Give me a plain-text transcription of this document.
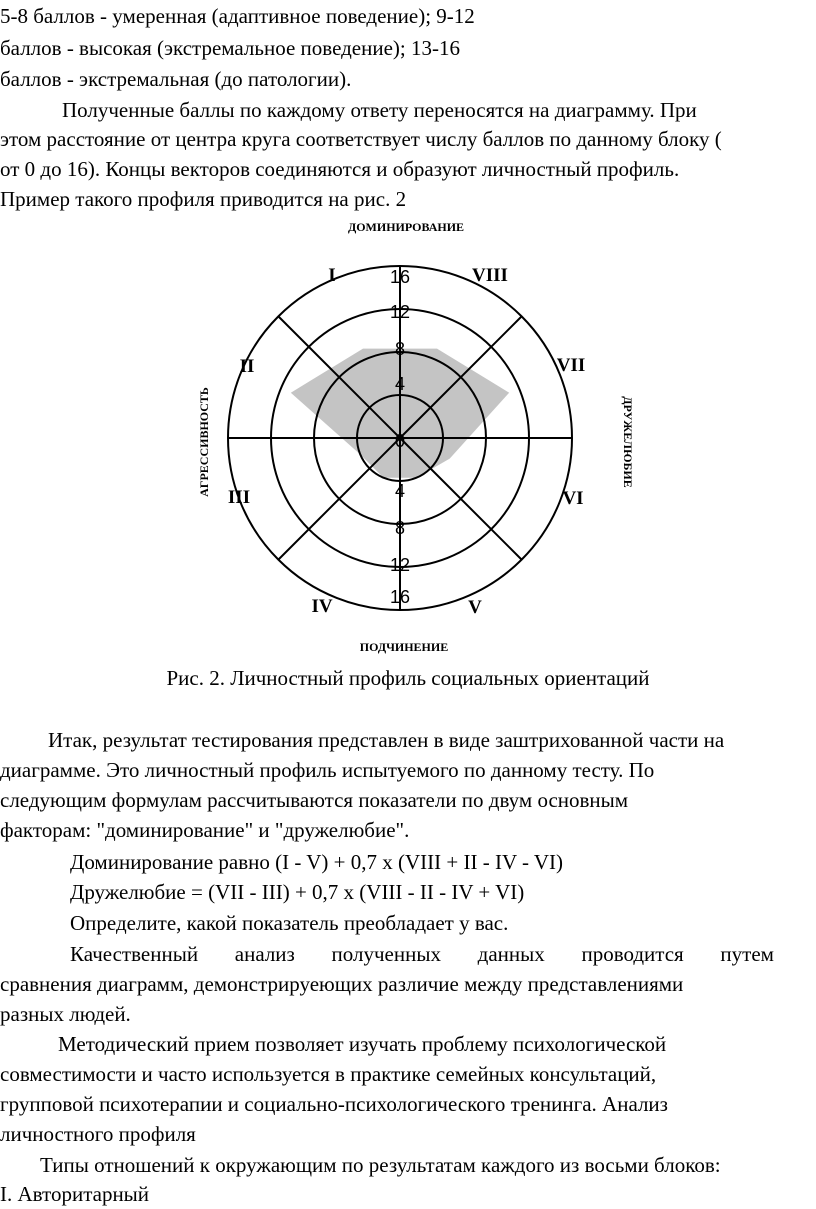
5-8 баллов - умеренная (адаптивное поведение); 9-12
баллов - высокая (экстремальное поведение); 13-16
баллов - экстремальная (до патологии).
Полученные баллы по каждому ответу переносятся на диаграмму. При
этом расстояние от центра круга соответствует числу баллов по данному блоку (
от 0 до 16). Концы векторов соединяются и образуют личностный профиль.
Пример такого профиля приводится на рис. 2
ДОМИНИРОВАНИЕ
ПОДЧИНЕНИЕ
АГРЕССИВНОСТЬ	ДРУЖЕЛЮБИЕ
16
12
8
4
0
4
8
12
16
I
II
III
IV	V
VI
VII
VIII
Рис. 2. Личностный профиль социальных ориентаций
Итак, результат тестирования представлен в виде заштрихованной части на
диаграмме. Это личностный профиль испытуемого по данному тесту. По
следующим формулам рассчитываются показатели по двум основным
факторам: "доминирование" и "дружелюбие".
Доминирование равно (I - V) + 0,7 х (VIII + II - IV - VI)
Дружелюбие = (VII - III) + 0,7 х (VIII - II - IV + VI)
Определите, какой показатель преобладает у вас.
Качественный анализ полученных данных проводится путем
сравнения диаграмм, демонстрируеющих различие между представлениями
разных людей.
Методический прием позволяет изучать проблему психологической
совместимости и часто используется в практике семейных консультаций,
групповой психотерапии и социально-психологического тренинга. Анализ
личностного профиля
Типы отношений к окружающим по результатам каждого из восьми блоков:
I. Авторитарный
